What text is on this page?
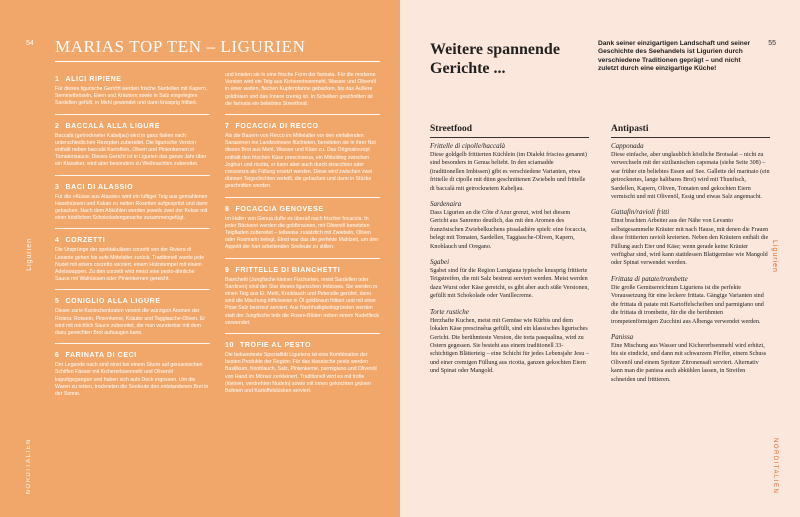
54 MARIAS TOP TEN – LIGURIEN
Ligurien
NORDITALIEN
1 ALICI RIPIENE
Für dieses ligurische Gericht werden frische Sardellen mit Kapern, Semmelbröseln, Eiern und Kräutern sowie in Salz eingelegten Sardellen gefüllt, in Mehl gewendet und dann knusprig frittiert.
2 BACCALÀ ALLA LIGURE
Baccalà (getrockneter Kabeljau) wird in ganz Italien nach unterschiedlichen Rezepten zubereitet. Die ligurische Version enthält neben baccalà Kartoffeln, Oliven und Pinienkernen in Tomatensauce. Dieses Gericht ist in Ligurien das ganze Jahr über ein Klassiker, wird aber besonders zu Weihnachten zubereitet.
3 BACI DI ALASSIO
Für die »Küsse aus Alassio« wird ein luftiger Teig aus gemahlenen Haselnüssen und Kakao zu netten Rosetten aufgespritzt und dann gebacken. Nach dem Abkühlen werden jeweils zwei der Kekse mit einer köstlichen Schokoladenganache zusammengefügt.
4 CORZETTI
Die Ursprünge der spektakulären corzetti von der Riviera di Levante gehen bis aufs Mittelalter zurück. Traditionell wurde jede Nudel mit einem corzetto verziert, einem Holzstempel mit einem Adelswappen. Zu den corzetti wird meist eine pesto-ähnliche Sauce mit Walnüssen oder Pinienkernen gereicht.
5 CONIGLIO ALLA LIGURE
Dieser zarte Kaninchenbraten vereint die würzigen Aromen der Riviera: Rotwein, Pinienkerne, Kräuter und Taggiasche-Oliven. Er wird mit reichlich Sauce zubereitet, die man wunderbar mit dem dazu gereichten Brot aufsaugen kann.
6 FARINATA DI CECI
Der Legende nach sind einst bei einem Sturm auf genuesischen Schiffen Fässer mit Kichererbsenmehl und Olivenöl kaputtgegangen und haben sich aufs Deck ergossen. Um die Waren zu retten, trockneten die Seeleute den entstandenen Brei in der Sonne.
und knieten sie in eine frische Form der farinata. Für die moderne Version wird ein Teig aus Kichererbsenmehl, Wasser und Olivenöl in einer weiten, flachen Kupferpfanne gebacken, bis das Äußere goldbraun und das Innere cremig ist. In Scheiben geschnitten ist die farinata ein beliebtes Streetfood.
7 FOCACCIA DI RECCO
Als die Bauern von Recco im Mittelalter vor den einfallenden Sarazenen ins Landesinnere flüchteten, bereiteten sie in ihrer Not dieses Brot aus Mehl, Wasser und Käse zu. Das Originalrezept enthält den frischen Käse prescinseua, ein Mittelding zwischen Joghurt und ricotta, er kann aber auch durch stracchino oder crescenza als Füllung ersetzt werden. Diese wird zwischen zwei dünnen Teigschichten verteilt, die gebacken und dann in Stücke geschnitten werden.
8 FOCACCIA GENOVESE
Im Hafen von Genua dufte es überall nach frischer focaccia. In jeder Bäckerei werden die goldbraunen, mit Olivenöl benetzten Teigfladen zubereitet – teilweise zusätzlich mit Zwiebeln, Oliven oder Rosmarin belegt. Einst war das die perfekte Mahlzeit, um den Appetit der hart arbeitenden Seeleute zu stillen.
9 FRITTELLE DI BIANCHETTI
Bianchetti (Jungfische kleiner Fischarten, meist Sardellen oder Sardinen) sind der Star dieses ligurischen Imbisses. Sie werden in einen Teig aus Ei, Mehl, Knoblauch und Petersilie gerührt, dann wird die Mischung löffelweise in Öl goldbraun frittiert und mit einer Prise Salz bestreut serviert. Aus Nachhaltigkeitsgründen werden statt der Jungfische teils die Rosen-Blüten neben einem Nudelfleck verwendet.
10 TROFIE AL PESTO
Die bekannteste Spezialität Liguriens ist eine Kombination der besten Produkte der Region: Für das klassische pesto werden Basilikum, Knoblauch, Salz, Pinienkerne, parmigiano und Olivenöl von Hand im Mörser zerkleinert. Traditionell wird es mit trofie (kleinen, verdrehten Nudeln) sowie mit Innen gekochten grünen Bohnen und Kartoffelstücken serviert.
55
Weitere spannende Gerichte ...
Dank seiner einzigartigen Landschaft und seiner Geschichte des Seehandels ist Ligurien durch verschiedene Traditionen geprägt – und nicht zuletzt durch eine einzigartige Küche!
Ligurien
NORDITALIEN
Streetfood
Frittelle di cipolle/baccalà
Diese goldgelb frittierten Küchlein (im Dialekt frisciea genannt) sind besonders in Genua beliebt. In den sciamadde (traditionellen Imbissen) gibt es verschiedene Varianten, etwa frittelle di cipolle mit dünn geschnittenen Zwiebeln und frittelle di baccalà mit getrocknetem Kabeljau.
Sardenaira
Dass Ligurien an die Côte d'Azur grenzt, wird bei diesem Gericht aus Sanremo deutlich, das mit den Aromen des französischen Zwiebelkuchens pissaladière spielt: eine focaccia, belegt mit Tomaten, Sardellen, Taggiasche-Oliven, Kapern, Knoblauch und Oregano.
Sgabei
Sgabei sind für die Region Lunigiana typische knusprig frittierte Teigstreifen, die mit Salz bestreut serviert werden. Meist werden dazu Wurst oder Käse gereicht, es gibt aber auch süße Versionen, gefüllt mit Schokolade oder Vanillecreme.
Torte rustiche
Herzhafte Kuchen, meist mit Gemüse wie Kürbis und dem lokalen Käse prescinsêua gefüllt, sind ein klassisches ligurisches Gericht. Die berühmteste Version, die torta pasqualina, wird zu Ostern gegessen. Sie besteht aus einem traditionell 33-schichtigen Blätterteig – eine Schicht für jedes Lebensjahr Jesu – und einer cremigen Füllung aus ricotta, ganzen gekochten Eiern und Spinat oder Mangold.
Antipasti
Capponada
Diese einfache, aber unglaublich köstliche Brotsalat – nicht zu verwechseln mit der sizilianischen caponata (siehe Seite 308) – war früher ein beliebtes Essen auf See. Gallette del marinaio (ein getrocknetes, lange haltbares Brot) wird mit Thunfisch, Sardellen, Kapern, Oliven, Tomaten und gekochten Eiern vermischt und mit Olivenöl, Essig und etwas Salz angemacht.
Gattafin/ravioli fritti
Einst brachten Arbeiter aus der Nähe von Levanto selbstgesammelte Kräuter mit nach Hause, mit denen die Frauen diese frittierten ravioli kreierten. Neben den Kräutern enthält die Füllung auch Eier und Käse; wenn gerade keine Kräuter verfügbar sind, wird kann stattdessen Blattgemüse wie Mangold oder Spinat verwendet werden.
Frittata di patate/trombette
Die große Gemüsereichtum Liguriens ist die perfekte Voraussetzung für eine leckere frittata. Gängige Varianten sind die frittata di patate mit Kartoffelscheiben und parmigiano und die frittata di trombette, für die die berühmten trompetenförmigen Zucchini aus Albenga verwendet werden.
Panissa
Eine Mischung aus Wasser und Kichererbsenmehl wird erhitzt, bis sie eindickt, und dann mit schwarzem Pfeffer, einem Schuss Olivenöl und einem Spritzer Zitronensaft serviert. Alternativ kann man die panissa auch abkühlen lassen, in Streifen schneiden und frittieren.
